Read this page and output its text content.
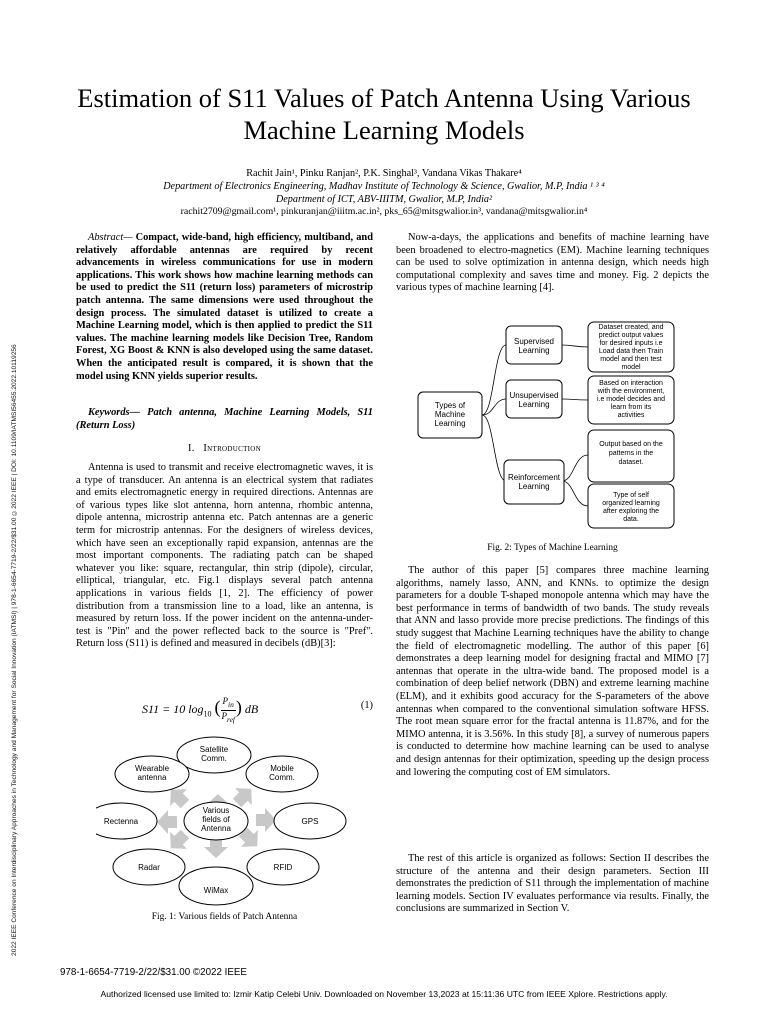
2022 IEEE Conference on Interdisciplinary Approaches in Technology and Management for Social Innovation (IATMSI) | 978-1-6654-7719-2/22/$31.00 ©2022 IEEE | DOI: 10.1109/IATMSI56455.2022.10119256
Estimation of S11 Values of Patch Antenna Using Various Machine Learning Models
Rachit Jain¹, Pinku Ranjan², P.K. Singhal³, Vandana Vikas Thakare⁴
Department of Electronics Engineering, Madhav Institute of Technology & Science, Gwalior, M.P, India ¹ ³ ⁴
Department of ICT, ABV-IIITM, Gwalior, M.P, India²
rachit2709@gmail.com¹, pinkuranjan@iiitm.ac.in², pks_65@mitsgwalior.in³, vandana@mitsgwalior.in⁴

Abstract— Compact, wide-band, high efficiency, multiband, and relatively affordable antennas are required by recent advancements in wireless communications for use in modern applications. This work shows how machine learning methods can be used to predict the S11 (return loss) parameters of microstrip patch antenna. The same dimensions were used throughout the design process. The simulated dataset is utilized to create a Machine Learning model, which is then applied to predict the S11 values. The machine learning models like Decision Tree, Random Forest, XG Boost & KNN is also developed using the same dataset. When the anticipated result is compared, it is shown that the model using KNN yields superior results.

Keywords— Patch antenna, Machine Learning Models, S11 (Return Loss)

I. Introduction

Antenna is used to transmit and receive electromagnetic waves, it is a type of transducer. An antenna is an electrical system that radiates and emits electromagnetic energy in required directions. Antennas are of various types like slot antenna, horn antenna, rhombic antenna, dipole antenna, microstrip antenna etc. Patch antennas are a generic term for microstrip antennas. For the designers of wireless devices, which have seen an exceptionally rapid expansion, antennas are the most important components. The radiating patch can be shaped whatever you like: square, rectangular, thin strip (dipole), circular, elliptical, triangular, etc. Fig.1 displays several patch antenna applications in various fields [1, 2]. The efficiency of power distribution from a transmission line to a load, like an antenna, is measured by return loss. If the power incident on the antenna-under-test is "Pin" and the power reflected back to the source is "Pref". Return loss (S11) is defined and measured in decibels (dB)[3]:

S11 = 10 $\log_{10}$ ( $\frac{P_{in}}{P_{ref}}$ ) dB	(1)
Various
fields of
Antenna
Satellite
Comm.
Mobile
Comm.
GPS
RFID
WiMax
Radar
Rectenna
Wearable
antenna
Fig. 1: Various fields of Patch Antenna

Now-a-days, the applications and benefits of machine learning have been broadened to electro-magnetics (EM). Machine learning techniques can be used to solve optimization in antenna design, which needs high computational complexity and saves time and money. Fig. 2 depicts the various types of machine learning [4].

Types of
Machine
Learning
Supervised
Learning
Unsupervised
Learning
Reinforcement
Learning
Dataset created, and
predict output values
for desired inputs i.e
Load data then Train
model and then test
model
Based on interaction
with the environment,
i.e model decides and
learn from its
activities
Output based on the
patterns in the
dataset.
Type of self
organized learning
after exploring the
data.
Fig. 2: Types of Machine Learning

The author of this paper [5] compares three machine learning algorithms, namely lasso, ANN, and KNNs. to optimize the design parameters for a double T-shaped monopole antenna which may have the best performance in terms of bandwidth of two bands. The study reveals that ANN and lasso provide more precise predictions. The findings of this study suggest that Machine Learning techniques have the ability to change the field of electromagnetic modelling. The author of this paper [6] demonstrates a deep learning model for designing fractal and MIMO [7] antennas that operate in the ultra-wide band. The proposed model is a combination of deep belief network (DBN) and extreme learning machine (ELM), and it exhibits good accuracy for the S-parameters of the above antennas when compared to the conventional simulation software HFSS. The root mean square error for the fractal antenna is 11.87%, and for the MIMO antenna, it is 3.56%. In this study [8], a survey of numerous papers is conducted to determine how machine learning can be used to analyse and design antennas for their optimization, speeding up the design process and lowering the computing cost of EM simulators.

The rest of this article is organized as follows: Section II describes the structure of the antenna and their design parameters. Section III demonstrates the prediction of S11 through the implementation of machine learning models. Section IV evaluates performance via results. Finally, the conclusions are summarized in Section V.

978-1-6654-7719-2/22/$31.00 ©2022 IEEE
Authorized licensed use limited to: Izmir Katip Celebi Univ. Downloaded on November 13,2023 at 15:11:36 UTC from IEEE Xplore. Restrictions apply.
